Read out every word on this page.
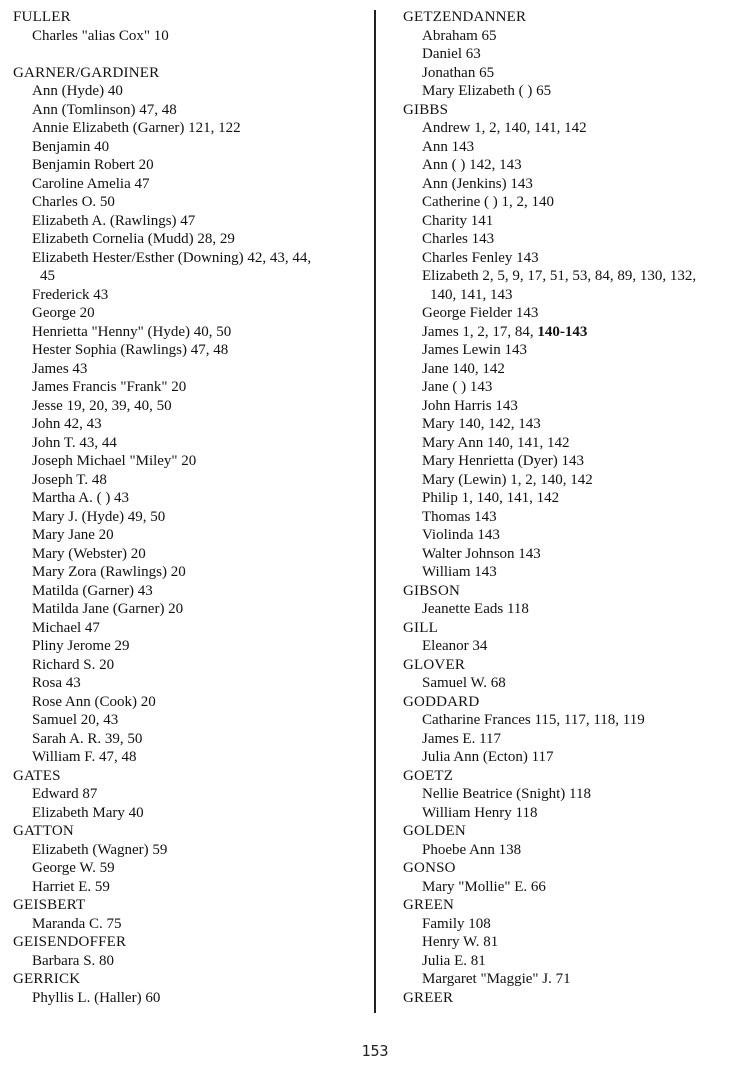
FULLER
Charles "alias Cox" 10
GARNER/GARDINER
Ann (Hyde) 40
Ann (Tomlinson) 47, 48
Annie Elizabeth (Garner) 121, 122
Benjamin 40
Benjamin Robert 20
Caroline Amelia 47
Charles O. 50
Elizabeth A. (Rawlings) 47
Elizabeth Cornelia (Mudd) 28, 29
Elizabeth Hester/Esther (Downing) 42, 43, 44,
45
Frederick 43
George 20
Henrietta "Henny" (Hyde) 40, 50
Hester Sophia (Rawlings) 47, 48
James 43
James Francis "Frank" 20
Jesse 19, 20, 39, 40, 50
John 42, 43
John T. 43, 44
Joseph Michael "Miley" 20
Joseph T. 48
Martha A. ( ) 43
Mary J. (Hyde) 49, 50
Mary Jane 20
Mary (Webster) 20
Mary Zora (Rawlings) 20
Matilda (Garner) 43
Matilda Jane (Garner) 20
Michael 47
Pliny Jerome 29
Richard S. 20
Rosa 43
Rose Ann (Cook) 20
Samuel 20, 43
Sarah A. R. 39, 50
William F. 47, 48
GATES
Edward 87
Elizabeth Mary 40
GATTON
Elizabeth (Wagner) 59
George W. 59
Harriet E. 59
GEISBERT
Maranda C. 75
GEISENDOFFER
Barbara S. 80
GERRICK
Phyllis L. (Haller) 60
GETZENDANNER
Abraham 65
Daniel 63
Jonathan 65
Mary Elizabeth ( ) 65
GIBBS
Andrew 1, 2, 140, 141, 142
Ann 143
Ann ( ) 142, 143
Ann (Jenkins) 143
Catherine ( ) 1, 2, 140
Charity 141
Charles 143
Charles Fenley 143
Elizabeth 2, 5, 9, 17, 51, 53, 84, 89, 130, 132,
140, 141, 143
George Fielder 143
James 1, 2, 17, 84, 140-143
James Lewin 143
Jane 140, 142
Jane ( ) 143
John Harris 143
Mary 140, 142, 143
Mary Ann 140, 141, 142
Mary Henrietta (Dyer) 143
Mary (Lewin) 1, 2, 140, 142
Philip 1, 140, 141, 142
Thomas 143
Violinda 143
Walter Johnson 143
William 143
GIBSON
Jeanette Eads 118
GILL
Eleanor 34
GLOVER
Samuel W. 68
GODDARD
Catharine Frances 115, 117, 118, 119
James E. 117
Julia Ann (Ecton) 117
GOETZ
Nellie Beatrice (Snight) 118
William Henry 118
GOLDEN
Phoebe Ann 138
GONSO
Mary "Mollie" E. 66
GREEN
Family 108
Henry W. 81
Julia E. 81
Margaret "Maggie" J. 71
GREER
153
